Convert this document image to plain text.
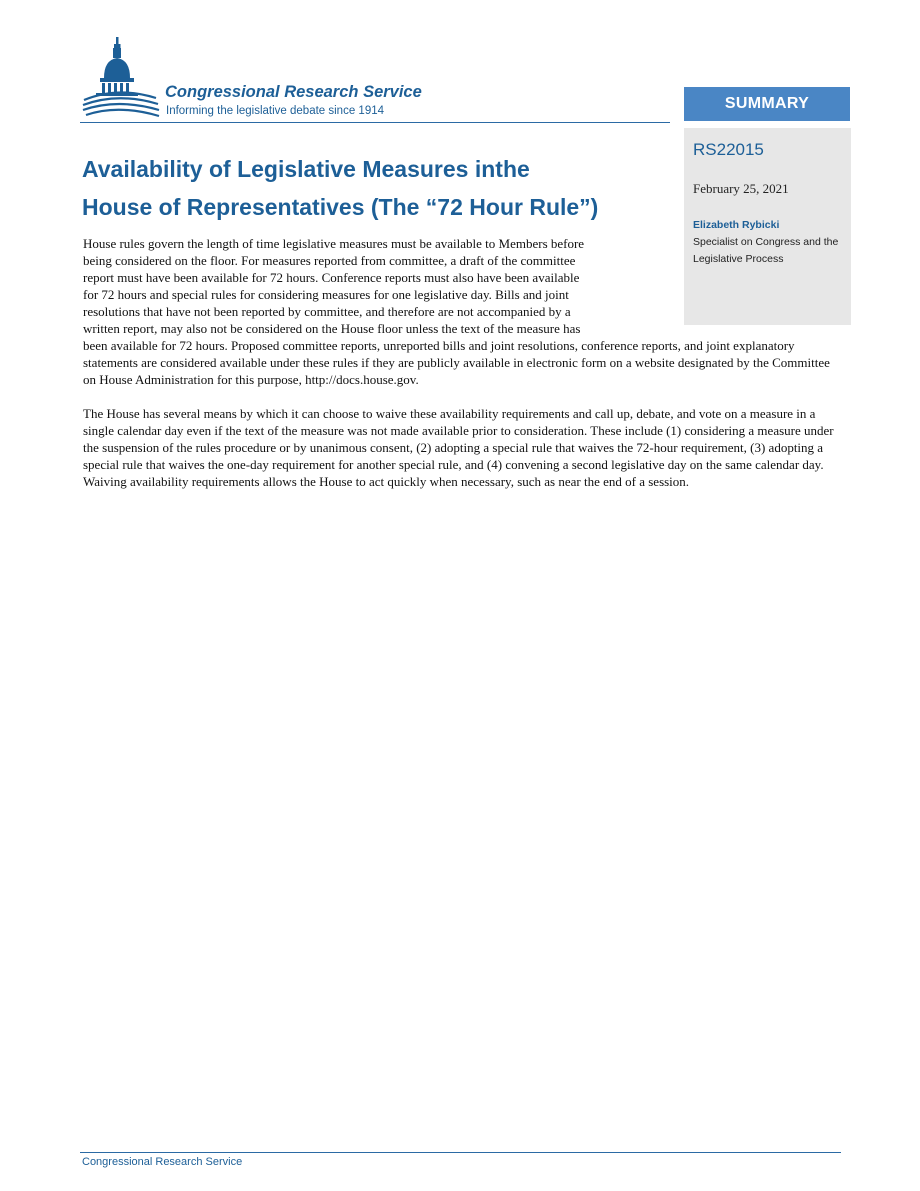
Congressional Research Service
Informing the legislative debate since 1914	SUMMARY
RS22015
February 25, 2021
Elizabeth Rybicki
Specialist on Congress and the Legislative Process
Availability of Legislative Measures inthe
House of Representatives (The “72 Hour Rule”)

House rules govern the length of time legislative measures must be available to Members before
being considered on the floor. For measures reported from committee, a draft of the committee
report must have been available for 72 hours. Conference reports must also have been available
for 72 hours and special rules for considering measures for one legislative day. Bills and joint
resolutions that have not been reported by committee, and therefore are not accompanied by a
written report, may also not be considered on the House floor unless the text of the measure has
been available for 72 hours. Proposed committee reports, unreported bills and joint resolutions, conference reports, and joint explanatory statements are considered available under these rules if they are publicly available in electronic form on a website designated by the Committee on House Administration for this purpose, http://docs.house.gov.

The House has several means by which it can choose to waive these availability requirements and call up, debate, and vote on a measure in a single calendar day even if the text of the measure was not made available prior to consideration. These include (1) considering a measure under the suspension of the rules procedure or by unanimous consent, (2) adopting a special rule that waives the 72-hour requirement, (3) adopting a special rule that waives the one-day requirement for another special rule, and (4) convening a second legislative day on the same calendar day. Waiving availability requirements allows the House to act quickly when necessary, such as near the end of a session.

Congressional Research Service
